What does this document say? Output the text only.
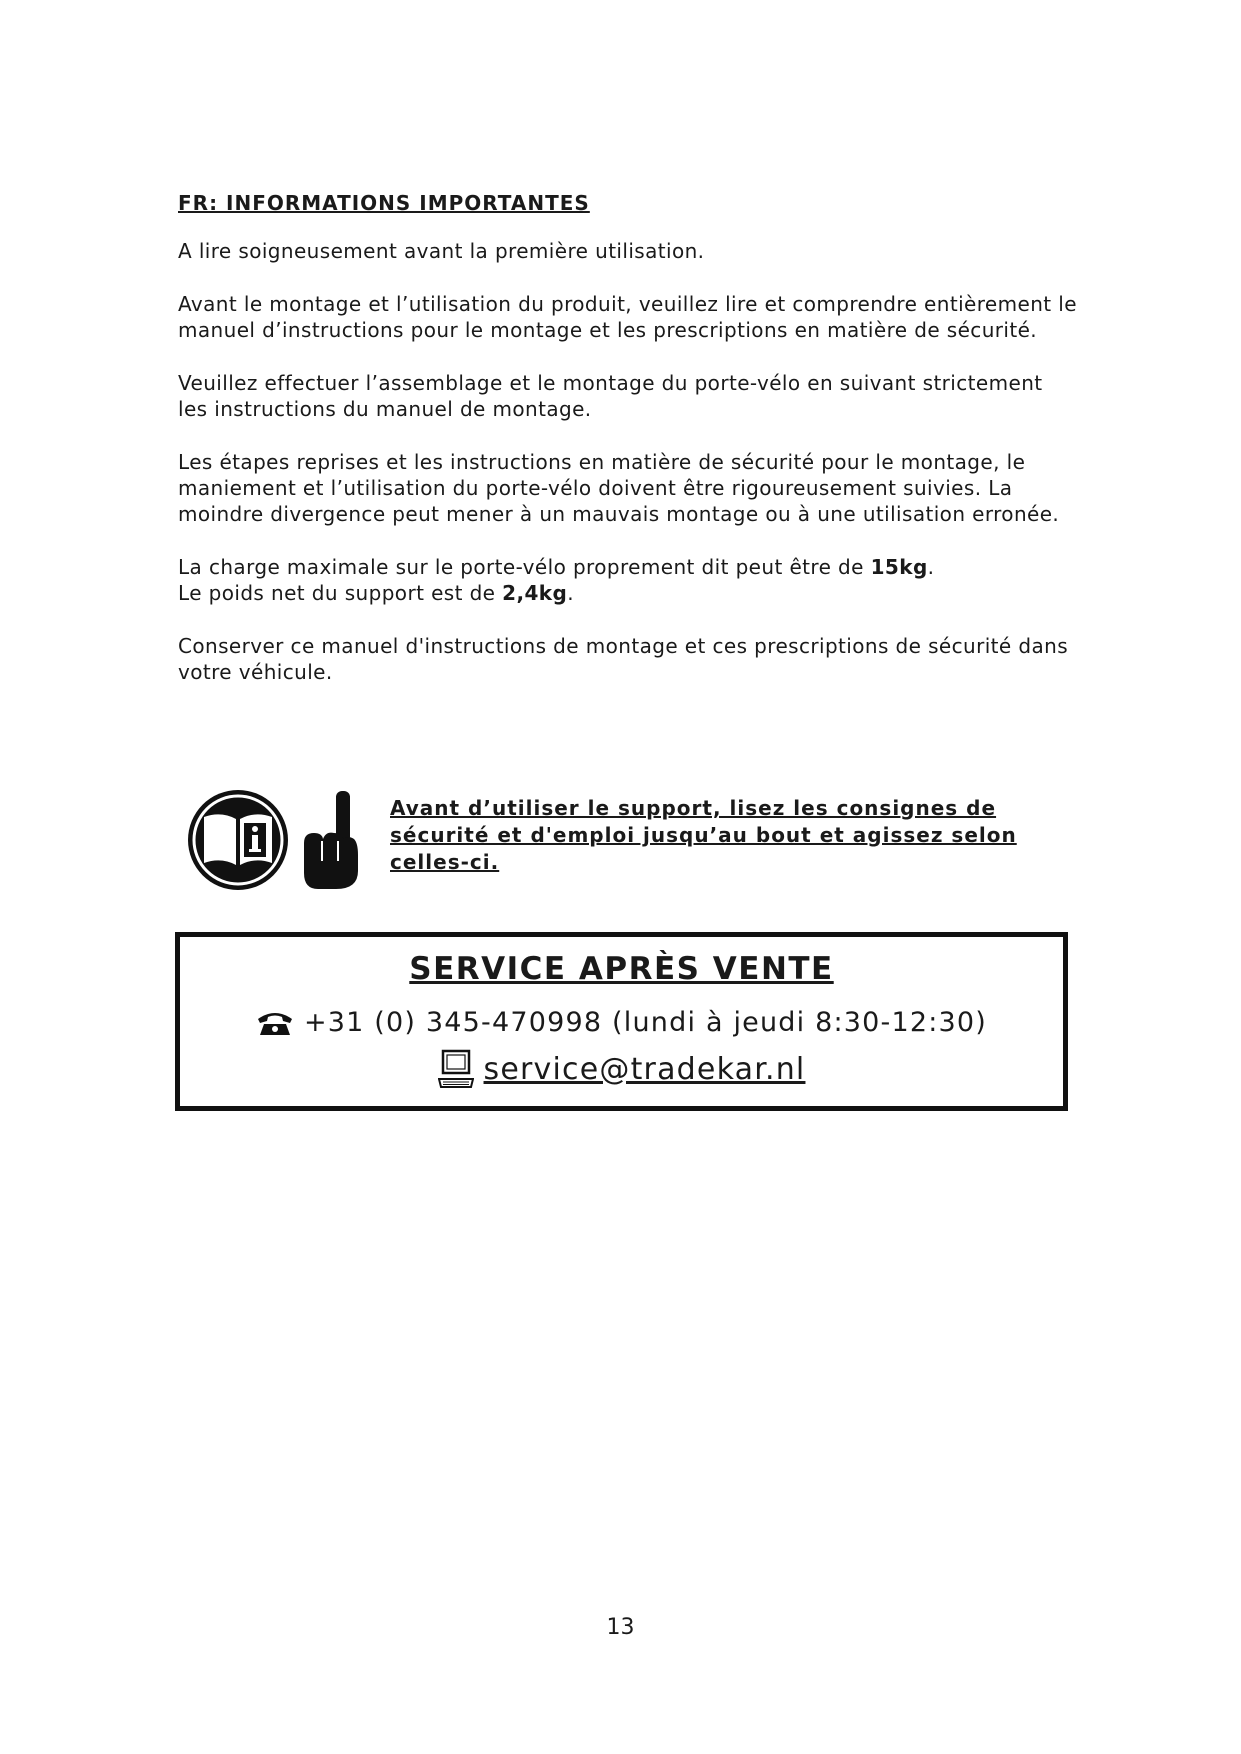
FR: INFORMATIONS IMPORTANTES

A lire soigneusement avant la première utilisation.

Avant le montage et l’utilisation du produit, veuillez lire et comprendre entièrement le manuel d’instructions pour le montage et les prescriptions en matière de sécurité.

Veuillez effectuer l’assemblage et le montage du porte-vélo en suivant strictement les instructions du manuel de montage.

Les étapes reprises et les instructions en matière de sécurité pour le montage, le maniement et l’utilisation du porte-vélo doivent être rigoureusement suivies. La moindre divergence peut mener à un mauvais montage ou à une utilisation erronée.

La charge maximale sur le porte-vélo proprement dit peut être de 15kg.
Le poids net du support est de 2,4kg.

Conserver ce manuel d'instructions de montage et ces prescriptions de sécurité dans votre véhicule.

Avant d’utiliser le support, lisez les consignes de sécurité et d'emploi jusqu’au bout et agissez selon celles-ci.
SERVICE APRÈS VENTE
+31 (0) 345-470998 (lundi à jeudi 8:30-12:30)
service@tradekar.nl
13
